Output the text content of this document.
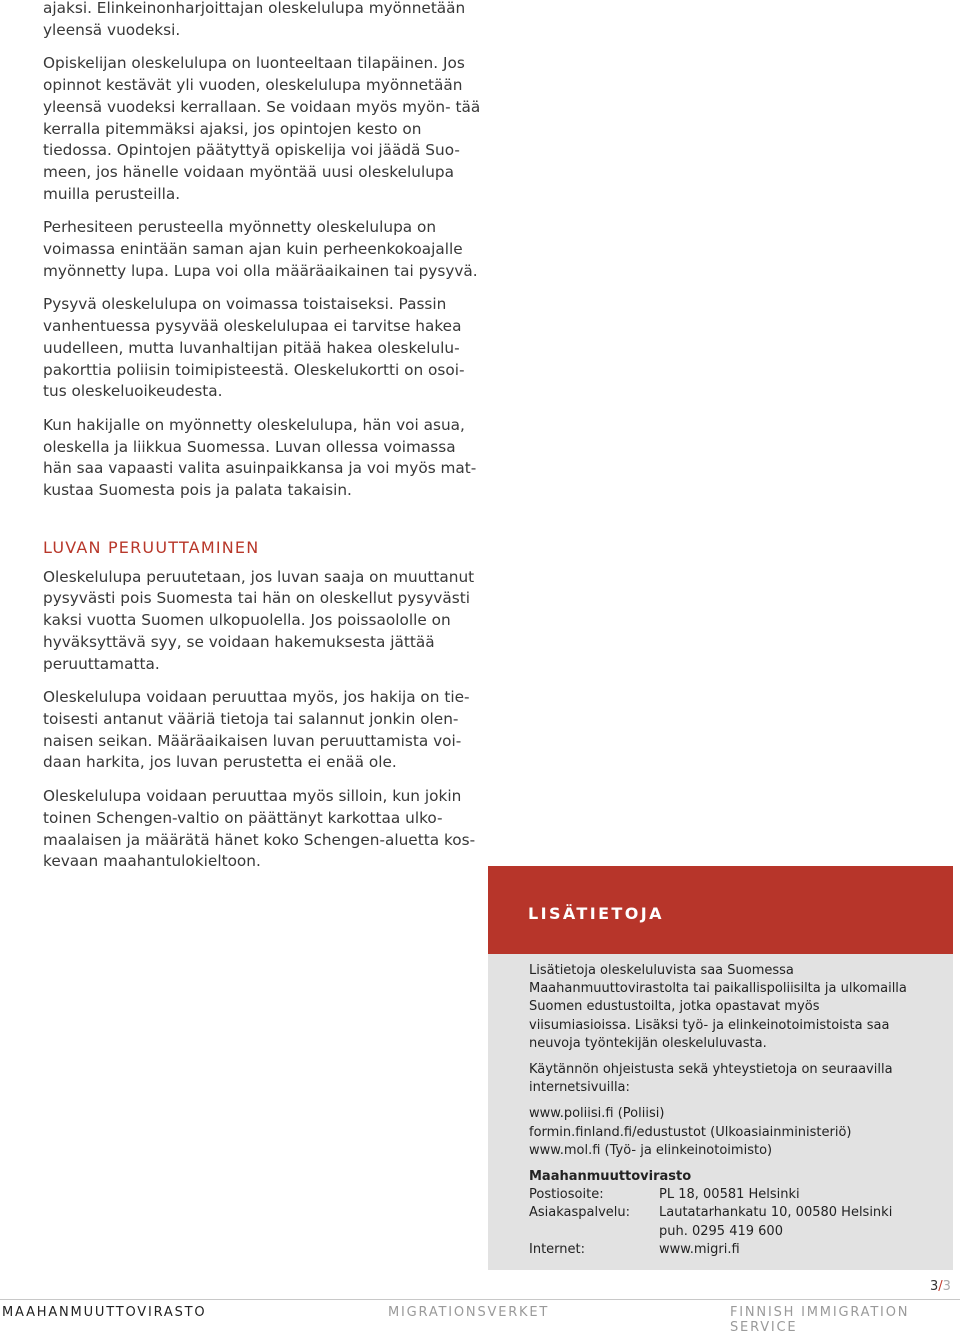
ajaksi. Elinkeinonharjoittajan oleskelulupa myönnetään yleensä vuodeksi.

Opiskelijan oleskelulupa on luonteeltaan tilapäinen. Jos opinnot kestävät yli vuoden, oleskelulupa myönnetään yleensä vuodeksi kerrallaan. Se voidaan myös myön- tää kerralla pitemmäksi ajaksi, jos opintojen kesto on tiedossa. Opintojen päätyttyä opiskelija voi jäädä Suo- meen, jos hänelle voidaan myöntää uusi oleskelulupa muilla perusteilla.

Perhesiteen perusteella myönnetty oleskelulupa on voimassa enintään saman ajan kuin perheenkokoajalle myönnetty lupa. Lupa voi olla määräaikainen tai pysyvä.

Pysyvä oleskelulupa on voimassa toistaiseksi. Passin vanhentuessa pysyvää oleskelulupaa ei tarvitse hakea uudelleen, mutta luvanhaltijan pitää hakea oleskelulu- pakorttia poliisin toimipisteestä. Oleskelukortti on osoi- tus oleskeluoikeudesta.

Kun hakijalle on myönnetty oleskelulupa, hän voi asua, oleskella ja liikkua Suomessa. Luvan ollessa voimassa hän saa vapaasti valita asuinpaikkansa ja voi myös mat- kustaa Suomesta pois ja palata takaisin.

LUVAN PERUUTTAMINEN

Oleskelulupa peruutetaan, jos luvan saaja on muuttanut pysyvästi pois Suomesta tai hän on oleskellut pysyvästi kaksi vuotta Suomen ulkopuolella. Jos poissaololle on hyväksyttävä syy, se voidaan hakemuksesta jättää peruuttamatta.

Oleskelulupa voidaan peruuttaa myös, jos hakija on tie- toisesti antanut vääriä tietoja tai salannut jonkin olen- naisen seikan. Määräaikaisen luvan peruuttamista voi- daan harkita, jos luvan perustetta ei enää ole.

Oleskelulupa voidaan peruuttaa myös silloin, kun jokin toinen Schengen-valtio on päättänyt karkottaa ulko- maalaisen ja määrätä hänet koko Schengen-aluetta kos- kevaan maahantulokieltoon.

LISÄTIETOJA

Lisätietoja oleskeluluvista saa Suomessa Maahanmuuttovirastolta tai paikallispoliisilta ja ulkomailla Suomen edustustoilta, jotka opastavat myös viisumiasioissa. Lisäksi työ- ja elinkeinotoimistoista saa neuvoja työntekijän oleskeluluvasta.

Käytännön ohjeistusta sekä yhteystietoja on seuraavilla internetsivuilla:

www.poliisi.fi (Poliisi)
formin.finland.fi/edustustot (Ulkoasiainministeriö)
www.mol.fi (Työ- ja elinkeinotoimisto)
Maahanmuuttovirasto
Postiosoite:	PL 18, 00581 Helsinki
Asiakaspalvelu:	Lautatarhankatu 10, 00580 Helsinki
puh. 0295 419 600
Internet:	www.migri.fi
3/3
MAAHANMUUTTOVIRASTO	MIGRATIONSVERKET	FINNISH IMMIGRATION SERVICE
